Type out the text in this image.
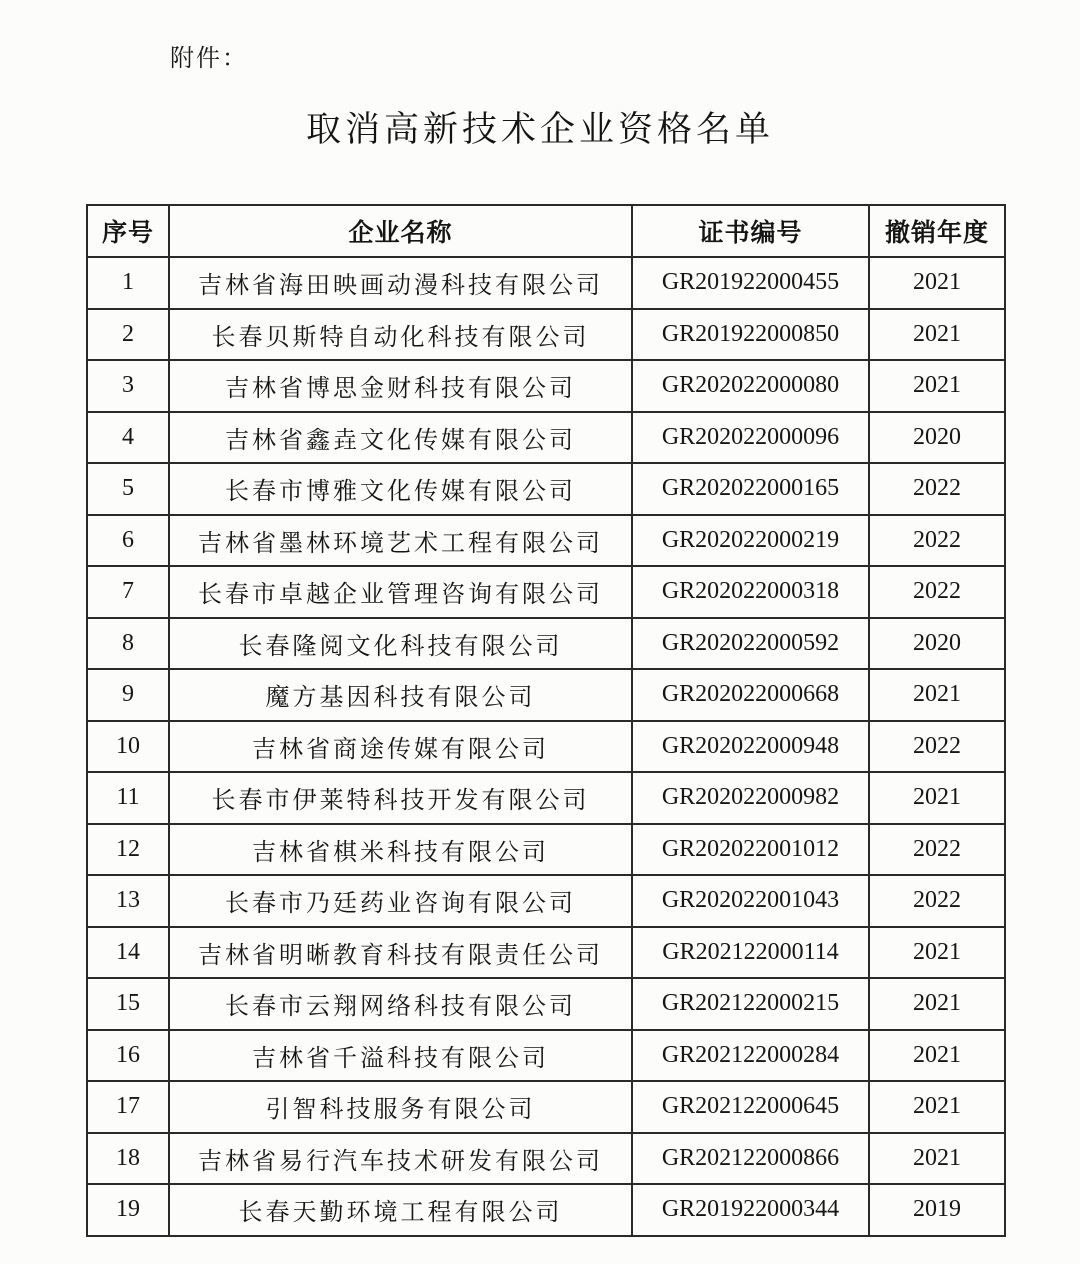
附件：
取消高新技术企业资格名单
序号	企业名称	证书编号	撤销年度
1	吉林省海田映画动漫科技有限公司	GR201922000455	2021
2	长春贝斯特自动化科技有限公司	GR201922000850	2021
3	吉林省博思金财科技有限公司	GR202022000080	2021
4	吉林省鑫垚文化传媒有限公司	GR202022000096	2020
5	长春市博雅文化传媒有限公司	GR202022000165	2022
6	吉林省墨林环境艺术工程有限公司	GR202022000219	2022
7	长春市卓越企业管理咨询有限公司	GR202022000318	2022
8	长春隆阅文化科技有限公司	GR202022000592	2020
9	魔方基因科技有限公司	GR202022000668	2021
10	吉林省商途传媒有限公司	GR202022000948	2022
11	长春市伊莱特科技开发有限公司	GR202022000982	2021
12	吉林省棋米科技有限公司	GR202022001012	2022
13	长春市乃廷药业咨询有限公司	GR202022001043	2022
14	吉林省明晰教育科技有限责任公司	GR202122000114	2021
15	长春市云翔网络科技有限公司	GR202122000215	2021
16	吉林省千溢科技有限公司	GR202122000284	2021
17	引智科技服务有限公司	GR202122000645	2021
18	吉林省易行汽车技术研发有限公司	GR202122000866	2021
19	长春天勤环境工程有限公司	GR201922000344	2019
